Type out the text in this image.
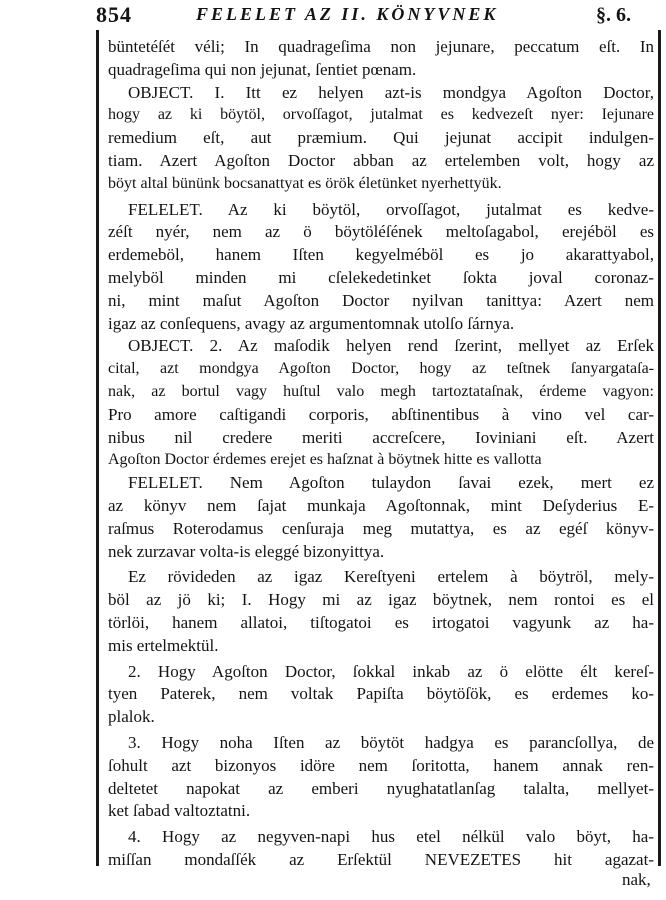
854	FELELET AZ II. KÖNYVNEK	§. 6.
büntetéſét véli; In quadrageſima non jejunare, peccatum eſt. In
quadrageſima qui non jejunat, ſentiet pœnam.
OBJECT. I. Itt ez helyen azt-is mondgya Agoſton Doctor,
hogy az ki böytöl, orvoſſagot, jutalmat es kedvezeſt nyer: Iejunare
remedium eſt, aut præmium. Qui jejunat accipit indulgen-
tiam. Azert Agoſton Doctor abban az ertelemben volt, hogy az
böyt altal bününk bocsanattyat es örök életünket nyerhettyük.
FELELET. Az ki böytöl, orvoſſagot, jutalmat es kedve-
zéſt nyér, nem az ö böytöléſének meltoſagabol, erejéböl es
erdemeböl, hanem Iſten kegyelméböl es jo akarattyabol,
melyböl minden mi cſelekedetinket ſokta joval coronaz-
ni, mint maſut Agoſton Doctor nyilvan tanittya: Azert nem
igaz az conſequens, avagy az argumentomnak utolſo ſárnya.
OBJECT. 2. Az maſodik helyen rend ſzerint, mellyet az Erſek
cital, azt mondgya Agoſton Doctor, hogy az teſtnek ſanyargataſa-
nak, az bortul vagy huſtul valo megh tartoztataſnak, érdeme vagyon:
Pro amore caſtigandi corporis, abſtinentibus à vino vel car-
nibus nil credere meriti accreſcere, Ioviniani eſt. Azert
Agoſton Doctor érdemes erejet es haſznat à böytnek hitte es vallotta
FELELET. Nem Agoſton tulaydon ſavai ezek, mert ez
az könyv nem ſajat munkaja Agoſtonnak, mint Deſyderius E-
raſmus Roterodamus cenſuraja meg mutattya, es az egéſ könyv-
nek zurzavar volta-is eleggé bizonyittya.
Ez rövideden az igaz Kereſtyeni ertelem à böytröl, mely-
böl az jö ki; I. Hogy mi az igaz böytnek, nem rontoi es el
törlöi, hanem allatoi, tiſtogatoi es irtogatoi vagyunk az ha-
mis ertelmektül.
2. Hogy Agoſton Doctor, ſokkal inkab az ö elötte élt kereſ-
tyen Paterek, nem voltak Papiſta böytöſök, es erdemes ko-
plalok.
3. Hogy noha Iſten az böytöt hadgya es parancſollya, de
ſohult azt bizonyos idöre nem ſoritotta, hanem annak ren-
deltetet napokat az emberi nyughatatlanſag talalta, mellyet-
ket ſabad valtoztatni.
4. Hogy az negyven-napi hus etel nélkül valo böyt, ha-
miſſan mondaſſék az Erſektül NEVEZETES hit agazat-
nak,
